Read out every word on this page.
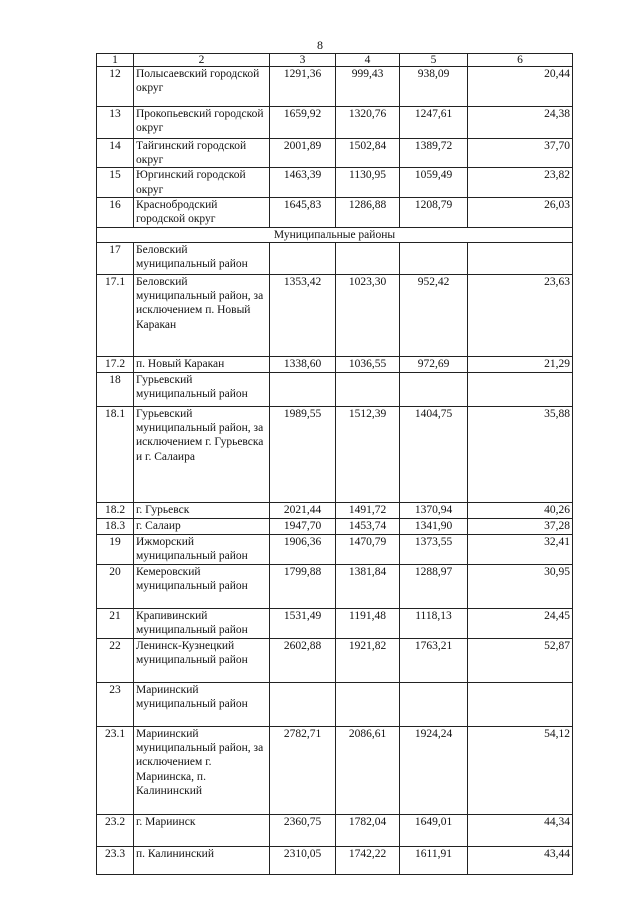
8
1	2	3	4	5	6
12	Полысаевский городской округ	1291,36	999,43	938,09	20,44
13	Прокопьевский городской округ	1659,92	1320,76	1247,61	24,38
14	Тайгинский городской округ	2001,89	1502,84	1389,72	37,70
15	Юргинский городской округ	1463,39	1130,95	1059,49	23,82
16	Краснобродский городской округ	1645,83	1286,88	1208,79	26,03
Муниципальные районы					
17	Беловский муниципальный район				
17.1	Беловский муниципальный район, за исключением п. Новый Каракан	1353,42	1023,30	952,42	23,63
17.2	п. Новый Каракан	1338,60	1036,55	972,69	21,29
18	Гурьевский муниципальный район				
18.1	Гурьевский муниципальный район, за исключением г. Гурьевска и г. Салаира	1989,55	1512,39	1404,75	35,88
18.2	г. Гурьевск	2021,44	1491,72	1370,94	40,26
18.3	г. Салаир	1947,70	1453,74	1341,90	37,28
19	Ижморский муниципальный район	1906,36	1470,79	1373,55	32,41
20	Кемеровский муниципальный район	1799,88	1381,84	1288,97	30,95
21	Крапивинский муниципальный район	1531,49	1191,48	1118,13	24,45
22	Ленинск-Кузнецкий муниципальный район	2602,88	1921,82	1763,21	52,87
23	Мариинский муниципальный район				
23.1	Мариинский муниципальный район, за исключением г. Мариинска, п. Калининский	2782,71	2086,61	1924,24	54,12
23.2	г. Мариинск	2360,75	1782,04	1649,01	44,34
23.3	п. Калининский	2310,05	1742,22	1611,91	43,44
